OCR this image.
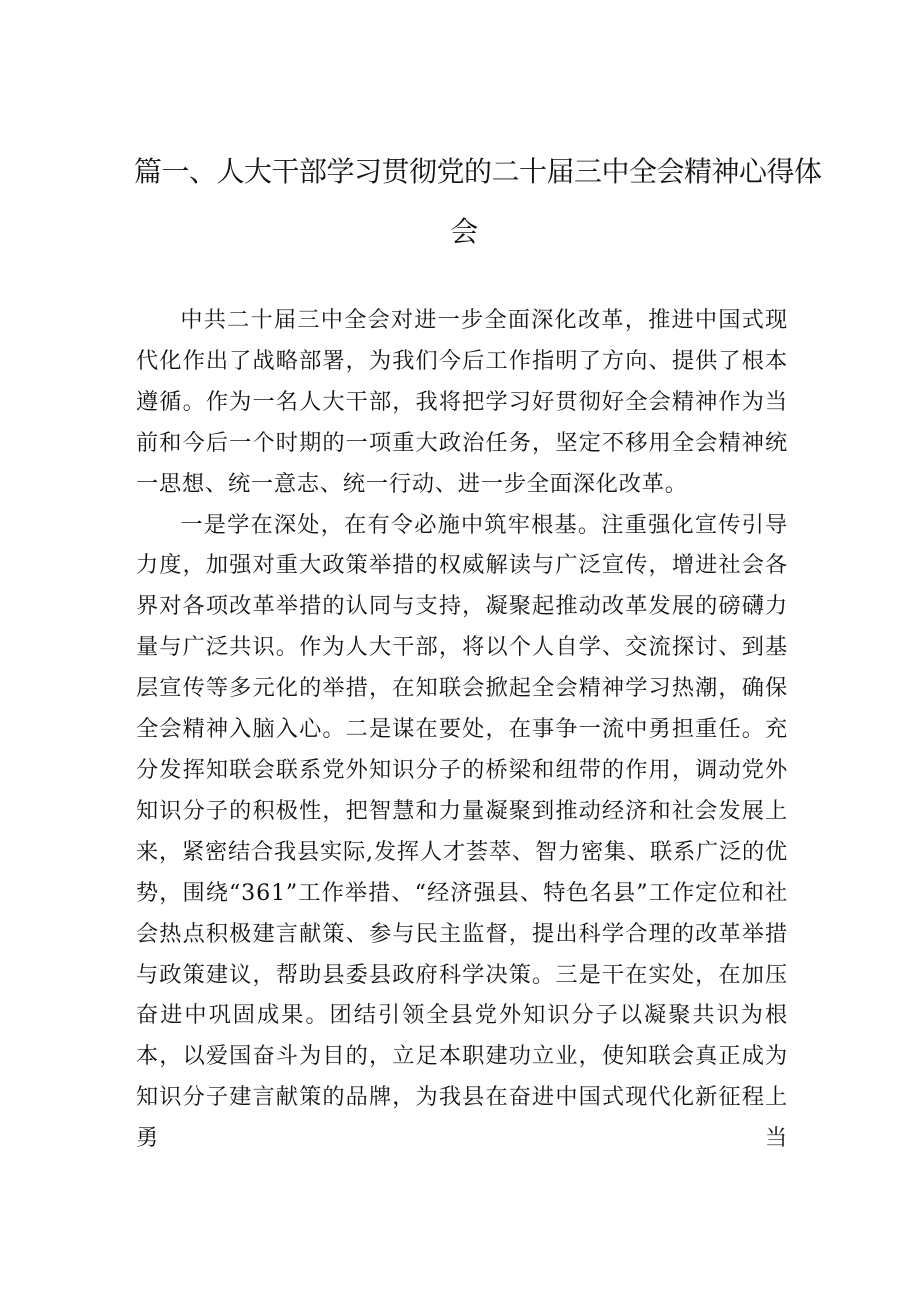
篇一、人大干部学习贯彻党的二十届三中全会精神心得体
会

中共二十届三中全会对进一步全面深化改革，推进中国式现代化作出了战略部署，为我们今后工作指明了方向、提供了根本遵循。作为一名人大干部，我将把学习好贯彻好全会精神作为当前和今后一个时期的一项重大政治任务，坚定不移用全会精神统一思想、统一意志、统一行动、进一步全面深化改革。

一是学在深处，在有令必施中筑牢根基。注重强化宣传引导力度，加强对重大政策举措的权威解读与广泛宣传，增进社会各界对各项改革举措的认同与支持，凝聚起推动改革发展的磅礴力量与广泛共识。作为人大干部，将以个人自学、交流探讨、到基层宣传等多元化的举措，在知联会掀起全会精神学习热潮，确保全会精神入脑入心。二是谋在要处，在事争一流中勇担重任。充分发挥知联会联系党外知识分子的桥梁和纽带的作用，调动党外知识分子的积极性，把智慧和力量凝聚到推动经济和社会发展上来，紧密结合我县实际,发挥人才荟萃、智力密集、联系广泛的优势，围绕“361”工作举措、“经济强县、特色名县”工作定位和社会热点积极建言献策、参与民主监督，提出科学合理的改革举措与政策建议，帮助县委县政府科学决策。三是干在实处，在加压奋进中巩固成果。团结引领全县党外知识分子以凝聚共识为根本，以爱国奋斗为目的，立足本职建功立业，使知联会真正成为知识分子建言献策的品牌，为我县在奋进中国式现代化新征程上勇当
